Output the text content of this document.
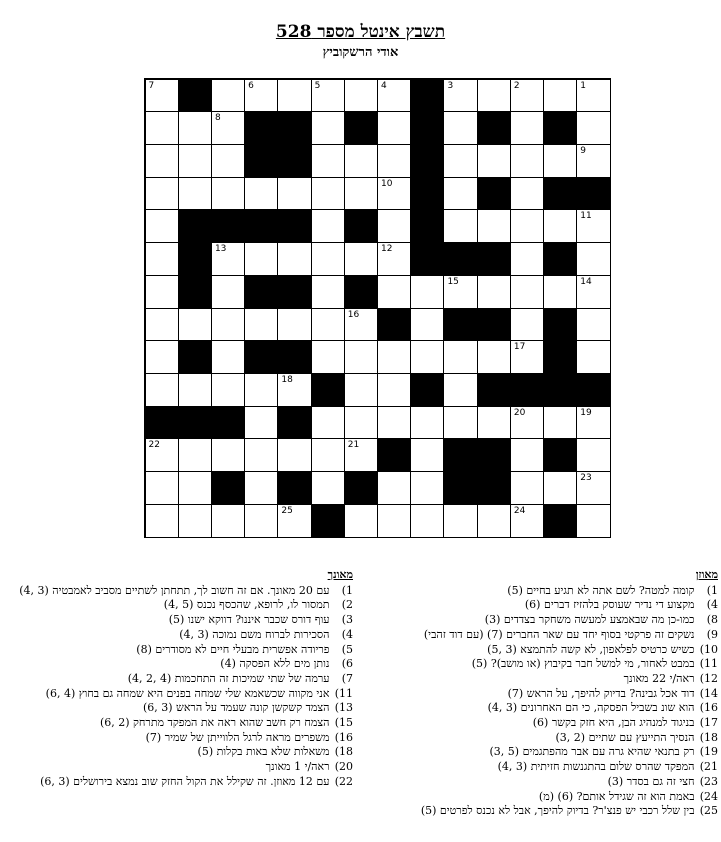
תשבץ אינטל מספר 528
אודי הרשקוביץ
1
2
3
4
5
6
7
8
9
10
11
12
13
14
15
16
17
18
19
20
21
22
23
24
25
מאוזן
1) קומה למטה? לשם אתה לא תגיע בחיים (5)
4) מקצוע די נדיר שעוסק בלהזיז דברים (6)
8) כמו-כן מה שבאמצע למעשה משחקר בצדדים (3)
9) נשקים זה פרקטי בסוף יחד עם שאר החברים (7) (עם דוד זהבי)
10) כשיש כרטיס לפלאפון, לא קשה להתמצא (3 ,5)
11) במבט לאחור, מי למשל חבר בקיבוץ (או מושב)? (5)
12) ראה/י 22 מאונך
14) דוד אכל גבינה? בדיוק להיפך, על הראש (7)
16) הוא שונ בשביל הפסקה, כי הם האחרונים (3 ,4)
17) בניגוד למנהיג הבן, היא חזק בקשר (6)
18) הנסיך התייעץ עם שתיים (2 ,3)
19) רק בתנאי שהיא גרה עם אבר מהפתגמים (5 ,3)
21) המפקד שהרס שלום בהתגנשות חזיתית (3 ,4)
23) חצי זה גם בסדר (3)
24) באמת הוא זה שגידל אותם? (6) (מ)
25) בין שלל רכבי יש פנצ'ר? בדיוק להיפך, אבל לא נכנס לפרטים (5)
מאונך
1) עם 20 מאונך. אם זה חשוב לך, תתחתן לשתיים מסביב לאמבטיה (3 ,4)
2) תמסור לו, לרופא, שהכסף נכנס (5 ,4)
3) עוף דורס שכבר איננו? דווקא ישנו (5)
4) הסכירות לברוח משם נמוכה (3 ,4)
5) פריודה אפשרית מבעלי חיים לא מסודרים (8)
6) נותן מים ללא הפסקה (4)
7) ערמה של שתי שמיכות זה התחכמות (4 ,2 ,4)
11) אני מקווה שכשאמא שלי שמחה בפנים היא שמחה גם בחוץ (4 ,6)
13) הצמד קשקשן קונה שעמד על הראש (3 ,6)
15) הצמח רק חשב שהוא ראה את המפקד מתרחק (2 ,6)
16) משפרים מראה לרגל הלווייתן של שמיר (7)
18) משאלות שלא באות בקלות (5)
20) ראה/י 1 מאונך
22) עם 12 מאוזן. זה שקילל את הקול החזק שוב נמצא בירושלים (3 ,6)
